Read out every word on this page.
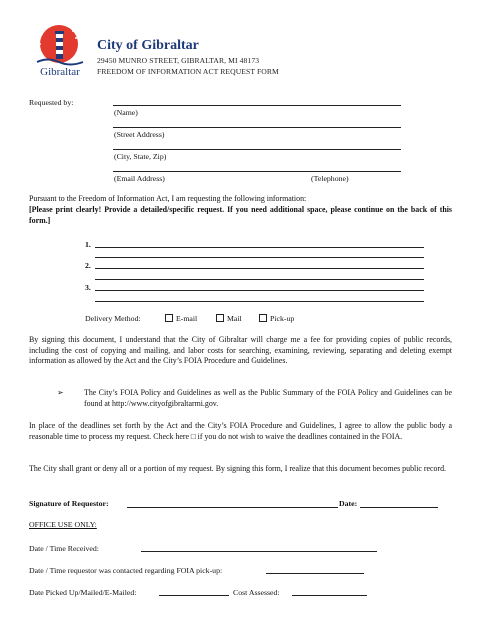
Gibraltar
City of Gibraltar
29450 MUNRO STREET, GIBRALTAR, MI 48173
FREEDOM OF INFORMATION ACT REQUEST FORM
Requested by:
(Name)
(Street Address)
(City, State, Zip)
(Email Address)	(Telephone)
Pursuant to the Freedom of Information Act, I am requesting the following information:
[Please print clearly! Provide a detailed/specific request. If you need additional space, please continue on the back of this form.]
1.
2.
3.
Delivery Method:	E-mail	Mail	Pick-up
By signing this document, I understand that the City of Gibraltar will charge me a fee for providing copies of public records, including the cost of copying and mailing, and labor costs for searching, examining, reviewing, separating and deleting exempt information as allowed by the Act and the City’s FOIA Procedure and Guidelines.
➢	The City’s FOIA Policy and Guidelines as well as the Public Summary of the FOIA Policy and Guidelines can be found at http://www.cityofgibraltarmi.gov.
In place of the deadlines set forth by the Act and the City’s FOIA Procedure and Guidelines, I agree to allow the public body a reasonable time to process my request. Check here □ if you do not wish to waive the deadlines contained in the FOIA.
The City shall grant or deny all or a portion of my request. By signing this form, I realize that this document becomes public record.
Signature of Requestor:	Date:
OFFICE USE ONLY:
Date / Time Received:
Date / Time requestor was contacted regarding FOIA pick-up:
Date Picked Up/Mailed/E-Mailed:	Cost Assessed:
